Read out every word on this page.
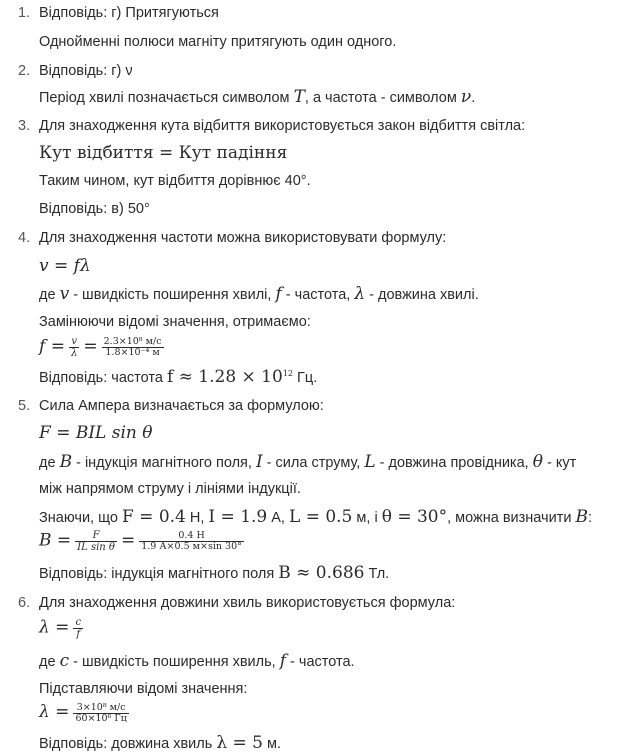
1. Відповідь: г) Притягуються
Однойменні полюси магніту притягують один одного.
2. Відповідь: г) ν
Період хвилі позначається символом T, а частота - символом ν.
3. Для знаходження кута відбиття використовується закон відбиття світла:
Кут відбиття = Кут падіння
Таким чином, кут відбиття дорівнює 40°.
Відповідь: в) 50°
4. Для знаходження частоти можна використовувати формулу:
v = fλ
де v - швидкість поширення хвилі, f - частота, λ - довжина хвилі.
Замінюючи відомі значення, отримаємо:
$f = \frac{v}{\lambda} = \frac{\text{2.3×10⁸ м/с}}{\text{1.8×10⁻⁴ м}}$
Відповідь: частота $f \approx 1.28 \times 10^{12}$ Гц.
5. Сила Ампера визначається за формулою:
F = BIL sin θ
де B - індукція магнітного поля, I - сила струму, L - довжина провідника, θ - кут
між напрямом струму і лініями індукції.
Знаючи, що F = 0.4 Н, I = 1.9 А, L = 0.5 м, і θ = 30°, можна визначити B:
$B = \frac{F}{\text{IL sin θ}} = \frac{0.4 Н}{1.9 А\times 0.5 м\times\sin 30^\circ}$
Відповідь: індукція магнітного поля B ≈ 0.686 Тл.
6. Для знаходження довжини хвиль використовується формула:
$\lambda = \frac{c}{f}$
де c - швидкість поширення хвиль, f - частота.
Підставляючи відомі значення:
$\lambda = \frac{\text{3×10⁸ м/с}}{\text{60×10⁶ Гц}}$
Відповідь: довжина хвиль λ = 5 м.
